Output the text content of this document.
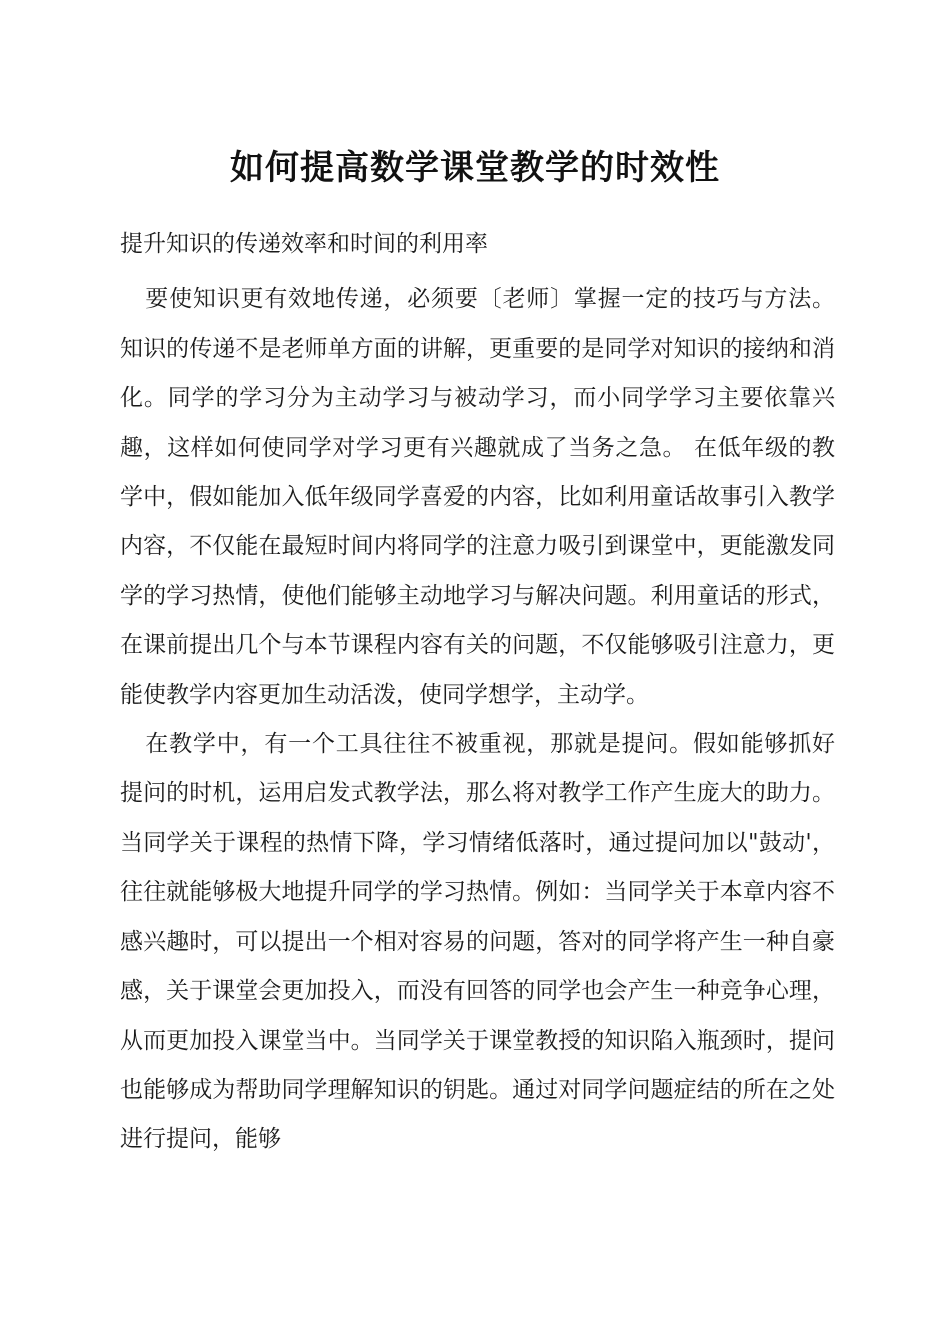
如何提高数学课堂教学的时效性

提升知识的传递效率和时间的利用率

要使知识更有效地传递，必须要〔老师〕掌握一定的技巧与方法。知识的传递不是老师单方面的讲解，更重要的是同学对知识的接纳和消化。同学的学习分为主动学习与被动学习，而小同学学习主要依靠兴趣，这样如何使同学对学习更有兴趣就成了当务之急。 在低年级的教学中，假如能加入低年级同学喜爱的内容，比如利用童话故事引入教学内容，不仅能在最短时间内将同学的注意力吸引到课堂中，更能激发同学的学习热情，使他们能够主动地学习与解决问题。利用童话的形式，在课前提出几个与本节课程内容有关的问题，不仅能够吸引注意力，更能使教学内容更加生动活泼，使同学想学，主动学。

在教学中，有一个工具往往不被重视，那就是提问。假如能够抓好提问的时机，运用启发式教学法，那么将对教学工作产生庞大的助力。当同学关于课程的热情下降，学习情绪低落时，通过提问加以"鼓动'，往往就能够极大地提升同学的学习热情。例如：当同学关于本章内容不感兴趣时，可以提出一个相对容易的问题，答对的同学将产生一种自豪感，关于课堂会更加投入，而没有回答的同学也会产生一种竞争心理，从而更加投入课堂当中。当同学关于课堂教授的知识陷入瓶颈时，提问也能够成为帮助同学理解知识的钥匙。通过对同学问题症结的所在之处进行提问，能够
